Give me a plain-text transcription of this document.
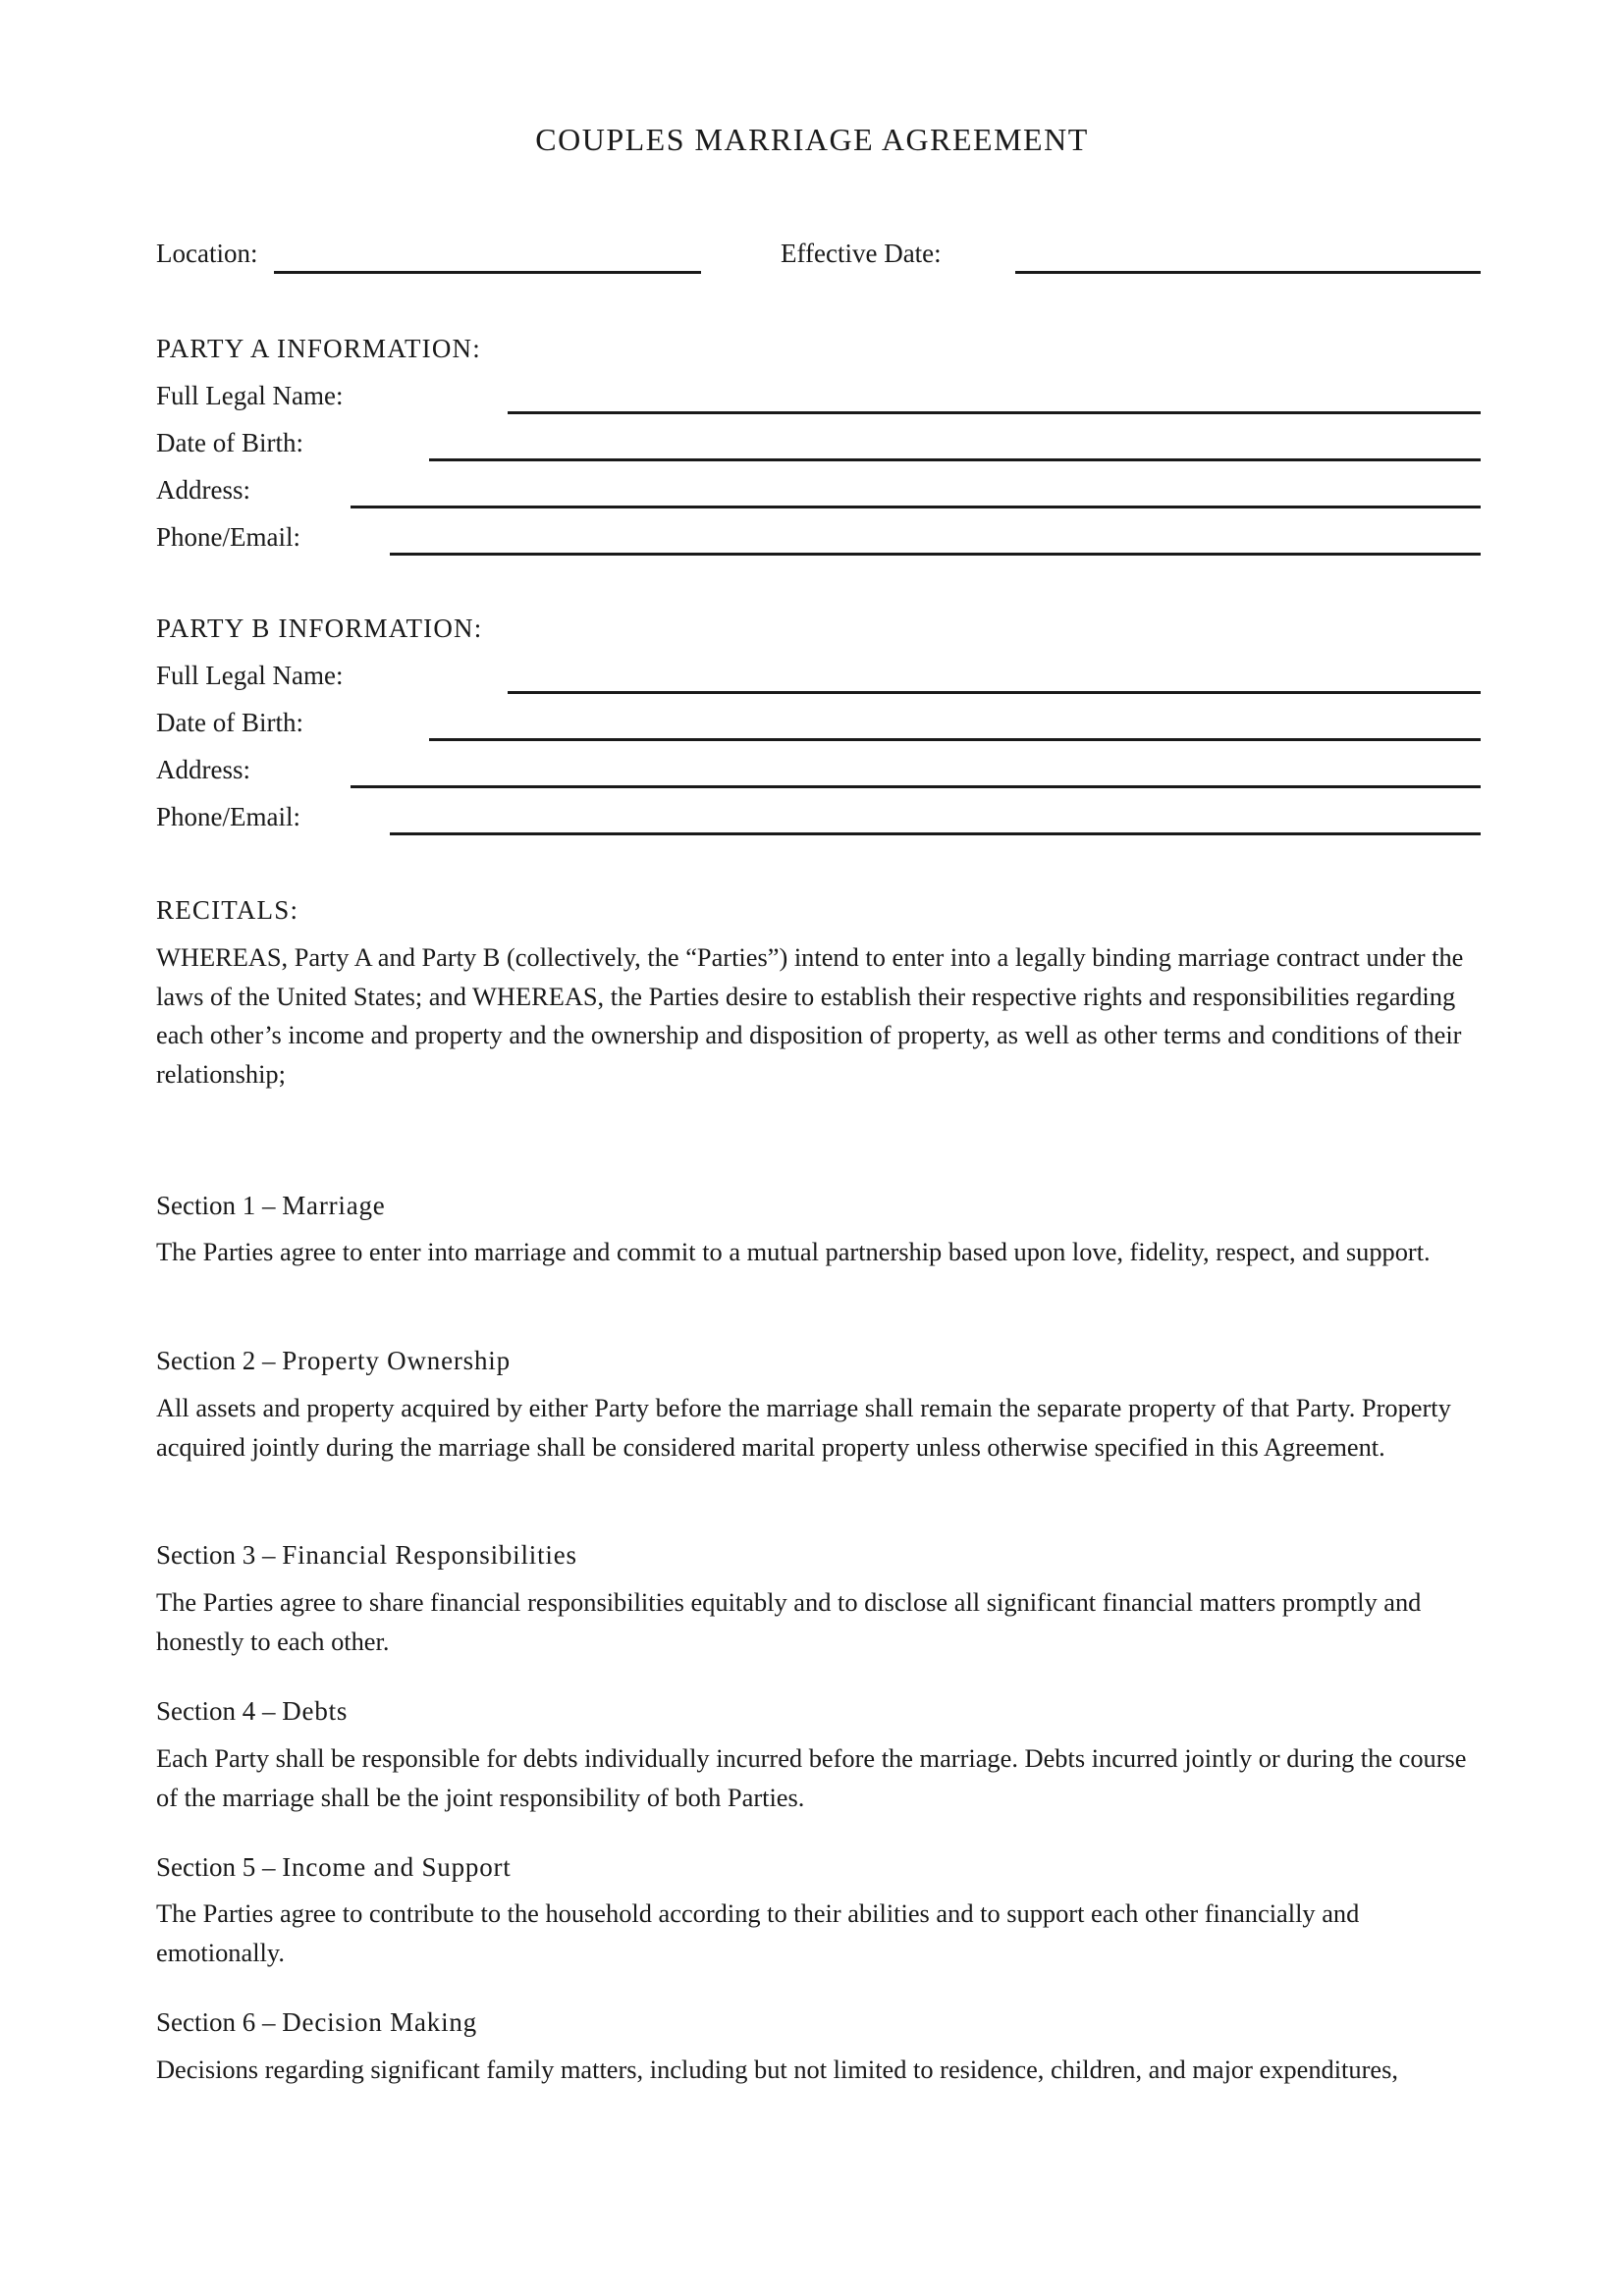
COUPLES MARRIAGE AGREEMENT
Location:	Effective Date:
PARTY A INFORMATION:
Full Legal Name:
Date of Birth:
Address:
Phone/Email:
PARTY B INFORMATION:
Full Legal Name:
Date of Birth:
Address:
Phone/Email:
RECITALS:
WHEREAS, Party A and Party B (collectively, the “Parties”) intend to enter into a legally binding marriage contract under the laws of the United States; and WHEREAS, the Parties desire to establish their respective rights and responsibilities regarding each other’s income and property and the ownership and disposition of property, as well as other terms and conditions of their relationship;
Section 1 – Marriage
The Parties agree to enter into marriage and commit to a mutual partnership based upon love, fidelity, respect, and support.
Section 2 – Property Ownership
All assets and property acquired by either Party before the marriage shall remain the separate property of that Party. Property acquired jointly during the marriage shall be considered marital property unless otherwise specified in this Agreement.
Section 3 – Financial Responsibilities
The Parties agree to share financial responsibilities equitably and to disclose all significant financial matters promptly and honestly to each other.
Section 4 – Debts
Each Party shall be responsible for debts individually incurred before the marriage. Debts incurred jointly or during the course of the marriage shall be the joint responsibility of both Parties.
Section 5 – Income and Support
The Parties agree to contribute to the household according to their abilities and to support each other financially and emotionally.
Section 6 – Decision Making
Decisions regarding significant family matters, including but not limited to residence, children, and major expenditures,
